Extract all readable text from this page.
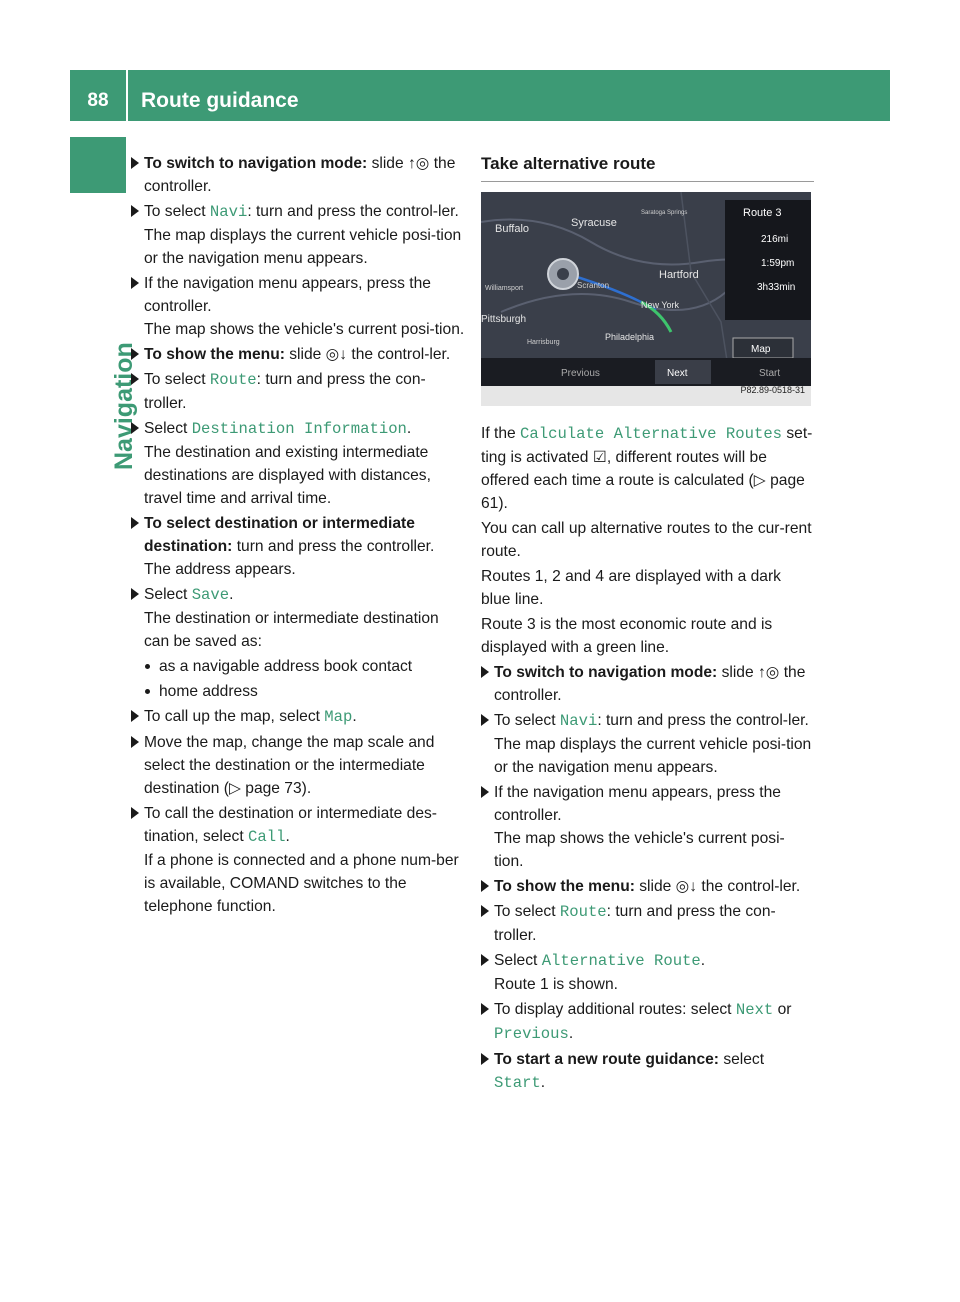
88	Route guidance
Navigation
To switch to navigation mode: slide ↑◎ the controller.
To select Navi: turn and press the control-ler.
The map displays the current vehicle posi-tion or the navigation menu appears.
If the navigation menu appears, press the controller.
The map shows the vehicle's current posi-tion.
To show the menu: slide ◎↓ the control-ler.
To select Route: turn and press the con-troller.
Select Destination Information.
The destination and existing intermediate destinations are displayed with distances, travel time and arrival time.
To select destination or intermediate destination: turn and press the controller.
The address appears.
Select Save.
The destination or intermediate destination can be saved as:
as a navigable address book contact
home address
To call up the map, select Map.
Move the map, change the map scale and select the destination or the intermediate destination (▷ page 73).
To call the destination or intermediate des-tination, select Call.
If a phone is connected and a phone num-ber is available, COMAND switches to the telephone function.
Take alternative route
Buffalo	Syracuse
Hartford
Scranton
Williamsport
Pittsburgh
New York
Philadelphia
Harrisburg
Saratoga Springs	Route 3
216mi
1:59pm
3h33min
Map
Previous	Next	Start
P82.89-0518-31
If the Calculate Alternative Routes set-ting is activated ☑, different routes will be offered each time a route is calculated (▷ page 61).
You can call up alternative routes to the cur-rent route.
Routes 1, 2 and 4 are displayed with a dark blue line.
Route 3 is the most economic route and is displayed with a green line.
To switch to navigation mode: slide ↑◎ the controller.
To select Navi: turn and press the control-ler.
The map displays the current vehicle posi-tion or the navigation menu appears.
If the navigation menu appears, press the controller.
The map shows the vehicle's current posi-tion.
To show the menu: slide ◎↓ the control-ler.
To select Route: turn and press the con-troller.
Select Alternative Route.
Route 1 is shown.
To display additional routes: select Next or Previous.
To start a new route guidance: select Start.
